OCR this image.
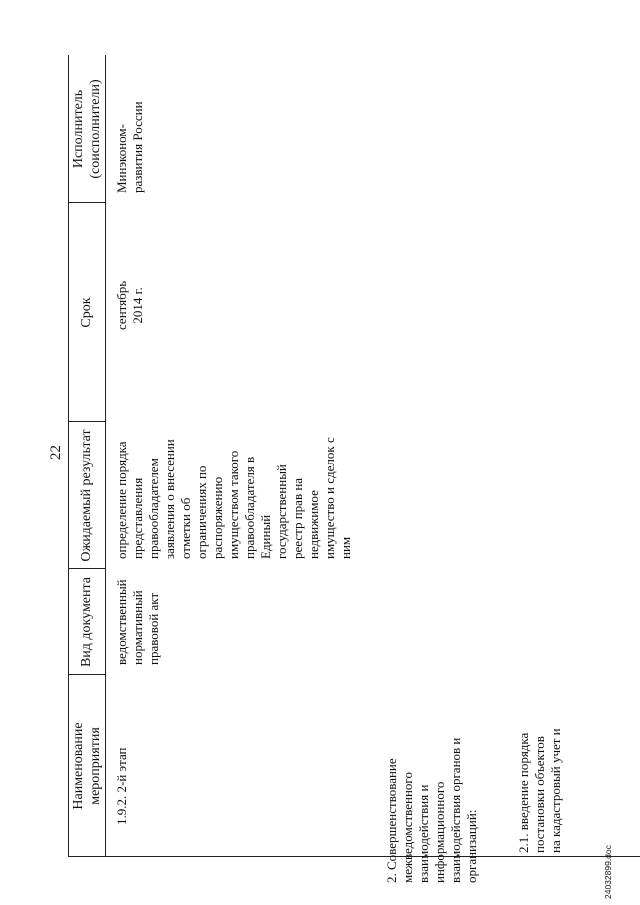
22
Наименование мероприятия
Вид документа
Ожидаемый результат
Срок
Исполнитель (соисполнители)
1.9.2. 2-й этап
ведомственный нормативный правовой акт
определение порядка представления правообладателем заявления о внесении отметки об ограничениях по распоряжению имуществом такого правообладателя в Единый государственный реестр прав на недвижимое имущество и сделок с ним
сентябрь 2014 г.
Минэконом- развития России
2. Совершенствование межведомственного взаимодействия и информационного взаимодействия органов и организаций:	2.1. введение порядка постановки объектов на кадастровый учет и
24032899.doc
